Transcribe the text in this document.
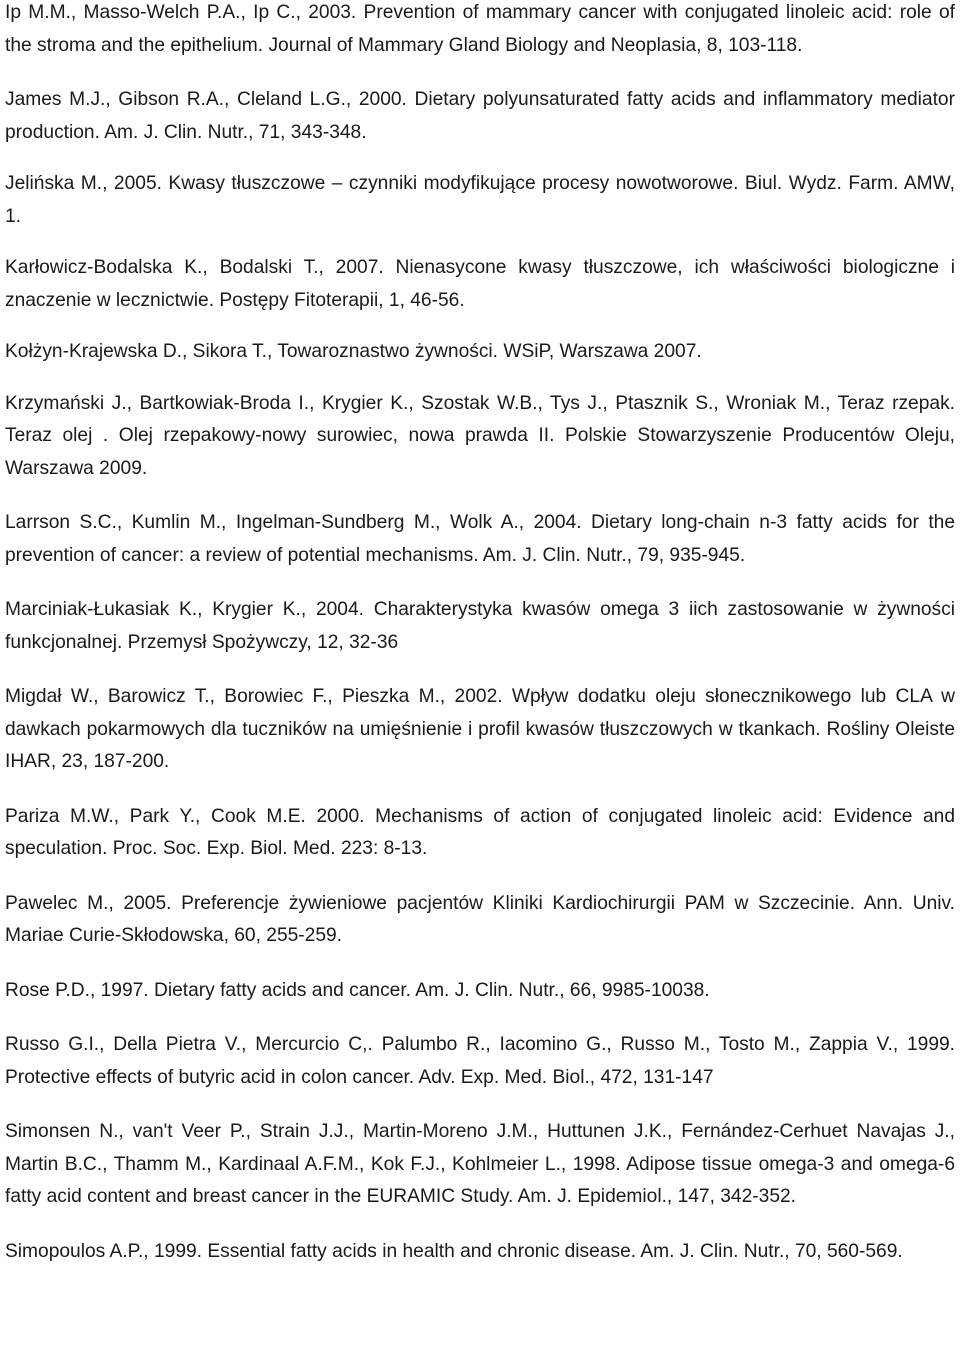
Ip M.M., Masso-Welch P.A., Ip C., 2003. Prevention of mammary cancer with conjugated linoleic acid: role of the stroma and the epithelium. Journal of Mammary Gland Biology and Neoplasia, 8, 103-118.

James M.J., Gibson R.A., Cleland L.G., 2000. Dietary polyunsaturated fatty acids and inflammatory mediator production. Am. J. Clin. Nutr., 71, 343-348.

Jelińska M., 2005. Kwasy tłuszczowe – czynniki modyfikujące procesy nowotworowe. Biul. Wydz. Farm. AMW, 1.

Karłowicz-Bodalska K., Bodalski T., 2007. Nienasycone kwasy tłuszczowe, ich właściwości biologiczne i znaczenie w lecznictwie. Postępy Fitoterapii, 1, 46-56.

Kołżyn-Krajewska D., Sikora T., Towaroznastwo żywności. WSiP, Warszawa 2007.

Krzymański J., Bartkowiak-Broda I., Krygier K., Szostak W.B., Tys J., Ptasznik S., Wroniak M., Teraz rzepak. Teraz olej . Olej rzepakowy-nowy surowiec, nowa prawda II. Polskie Stowarzyszenie Producentów Oleju, Warszawa 2009.

Larrson S.C., Kumlin M., Ingelman-Sundberg M., Wolk A., 2004. Dietary long-chain n-3 fatty acids for the prevention of cancer: a review of potential mechanisms. Am. J. Clin. Nutr., 79, 935-945.

Marciniak-Łukasiak K., Krygier K., 2004. Charakterystyka kwasów omega 3 iich zastosowanie w żywności funkcjonalnej. Przemysł Spożywczy, 12, 32-36

Migdał W., Barowicz T., Borowiec F., Pieszka M., 2002. Wpływ dodatku oleju słonecznikowego lub CLA w dawkach pokarmowych dla tuczników na umięśnienie i profil kwasów tłuszczowych w tkankach. Rośliny Oleiste IHAR, 23, 187-200.

Pariza M.W., Park Y., Cook M.E. 2000. Mechanisms of action of conjugated linoleic acid: Evidence and speculation. Proc. Soc. Exp. Biol. Med. 223: 8-13.

Pawelec M., 2005. Preferencje żywieniowe pacjentów Kliniki Kardiochirurgii PAM w Szczecinie. Ann. Univ. Mariae Curie-Skłodowska, 60, 255-259.

Rose P.D., 1997. Dietary fatty acids and cancer. Am. J. Clin. Nutr., 66, 9985-10038.

Russo G.I., Della Pietra V., Mercurcio C,. Palumbo R., Iacomino G., Russo M., Tosto M., Zappia V., 1999. Protective effects of butyric acid in colon cancer. Adv. Exp. Med. Biol., 472, 131-147

Simonsen N., van't Veer P., Strain J.J., Martin-Moreno J.M., Huttunen J.K., Fernández-Cerhuet Navajas J., Martin B.C., Thamm M., Kardinaal A.F.M., Kok F.J., Kohlmeier L., 1998. Adipose tissue omega-3 and omega-6 fatty acid content and breast cancer in the EURAMIC Study. Am. J. Epidemiol., 147, 342-352.

Simopoulos A.P., 1999. Essential fatty acids in health and chronic disease. Am. J. Clin. Nutr., 70, 560-569.
